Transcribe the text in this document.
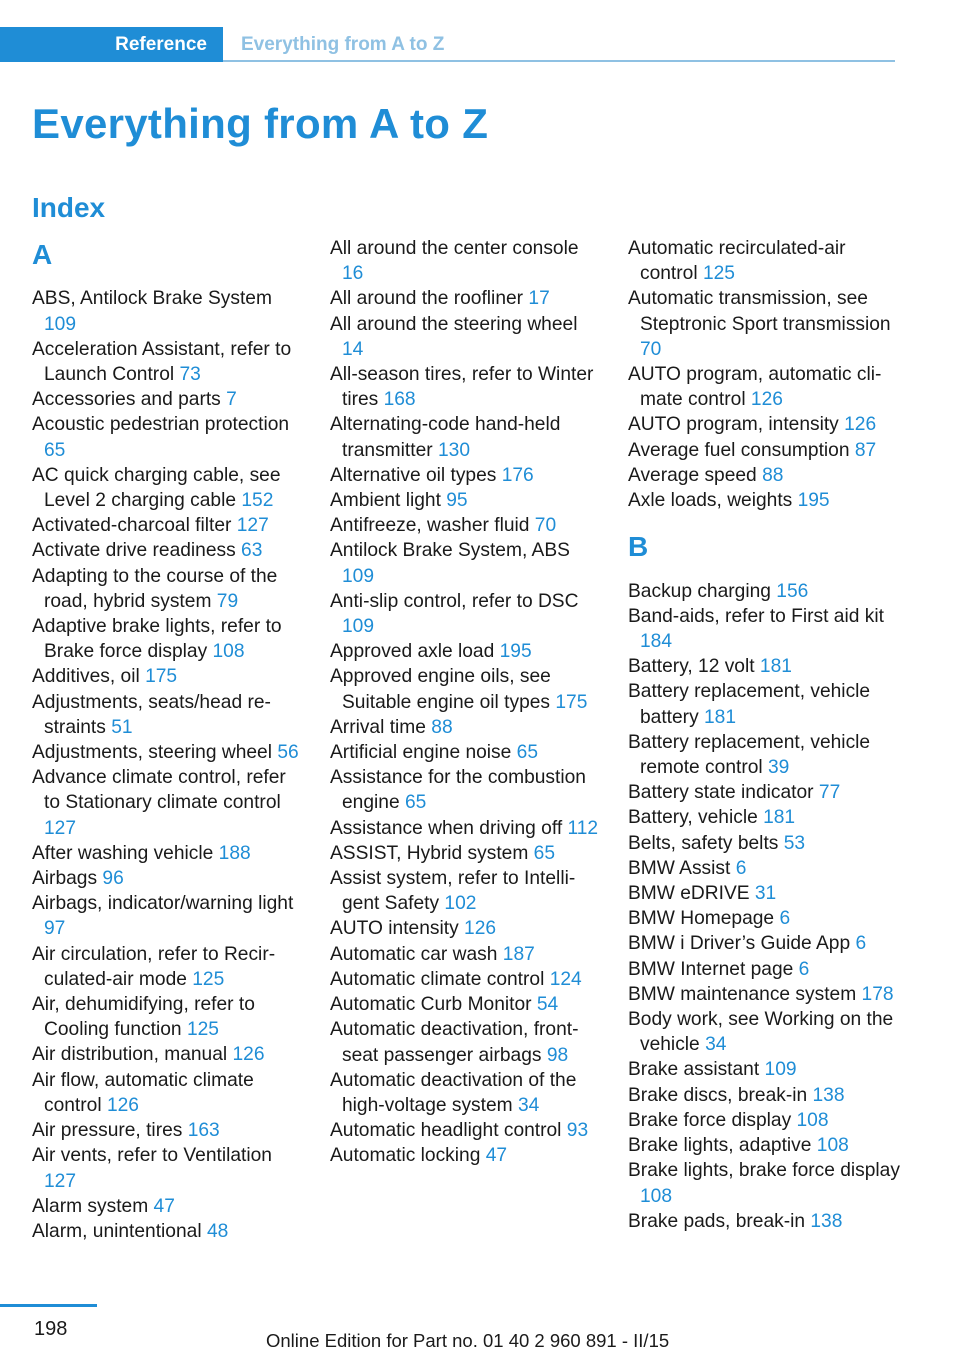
Reference Everything from A to Z
Everything from A to Z
Index
A
ABS, Antilock Brake System 109
Acceleration Assistant, refer to Launch Control 73
Accessories and parts 7
Acoustic pedestrian protection 65
AC quick charging cable, see Level 2 charging cable 152
Activated-charcoal filter 127
Activate drive readiness 63
Adapting to the course of the road, hybrid system 79
Adaptive brake lights, refer to Brake force display 108
Additives, oil 175
Adjustments, seats/head restraints 51
Adjustments, steering wheel 56
Advance climate control, refer to Stationary climate control 127
After washing vehicle 188
Airbags 96
Airbags, indicator/warning light 97
Air circulation, refer to Recirculated-air mode 125
Air, dehumidifying, refer to Cooling function 125
Air distribution, manual 126
Air flow, automatic climate control 126
Air pressure, tires 163
Air vents, refer to Ventilation 127
Alarm system 47
Alarm, unintentional 48
All around the center console 16
All around the roofliner 17
All around the steering wheel 14
All-season tires, refer to Winter tires 168
Alternating-code hand-held transmitter 130
Alternative oil types 176
Ambient light 95
Antifreeze, washer fluid 70
Antilock Brake System, ABS 109
Anti-slip control, refer to DSC 109
Approved axle load 195
Approved engine oils, see Suitable engine oil types 175
Arrival time 88
Artificial engine noise 65
Assistance for the combustion engine 65
Assistance when driving off 112
ASSIST, Hybrid system 65
Assist system, refer to Intelligent Safety 102
AUTO intensity 126
Automatic car wash 187
Automatic climate control 124
Automatic Curb Monitor 54
Automatic deactivation, front-seat passenger airbags 98
Automatic deactivation of the high-voltage system 34
Automatic headlight control 93
Automatic locking 47
Automatic recirculated-air control 125
Automatic transmission, see Steptronic Sport transmission 70
AUTO program, automatic climate control 126
AUTO program, intensity 126
Average fuel consumption 87
Average speed 88
Axle loads, weights 195
B
Backup charging 156
Band-aids, refer to First aid kit 184
Battery, 12 volt 181
Battery replacement, vehicle battery 181
Battery replacement, vehicle remote control 39
Battery state indicator 77
Battery, vehicle 181
Belts, safety belts 53
BMW Assist 6
BMW eDRIVE 31
BMW Homepage 6
BMW i Driver’s Guide App 6
BMW Internet page 6
BMW maintenance system 178
Body work, see Working on the vehicle 34
Brake assistant 109
Brake discs, break-in 138
Brake force display 108
Brake lights, adaptive 108
Brake lights, brake force display 108
Brake pads, break-in 138
198
Online Edition for Part no. 01 40 2 960 891 - II/15
